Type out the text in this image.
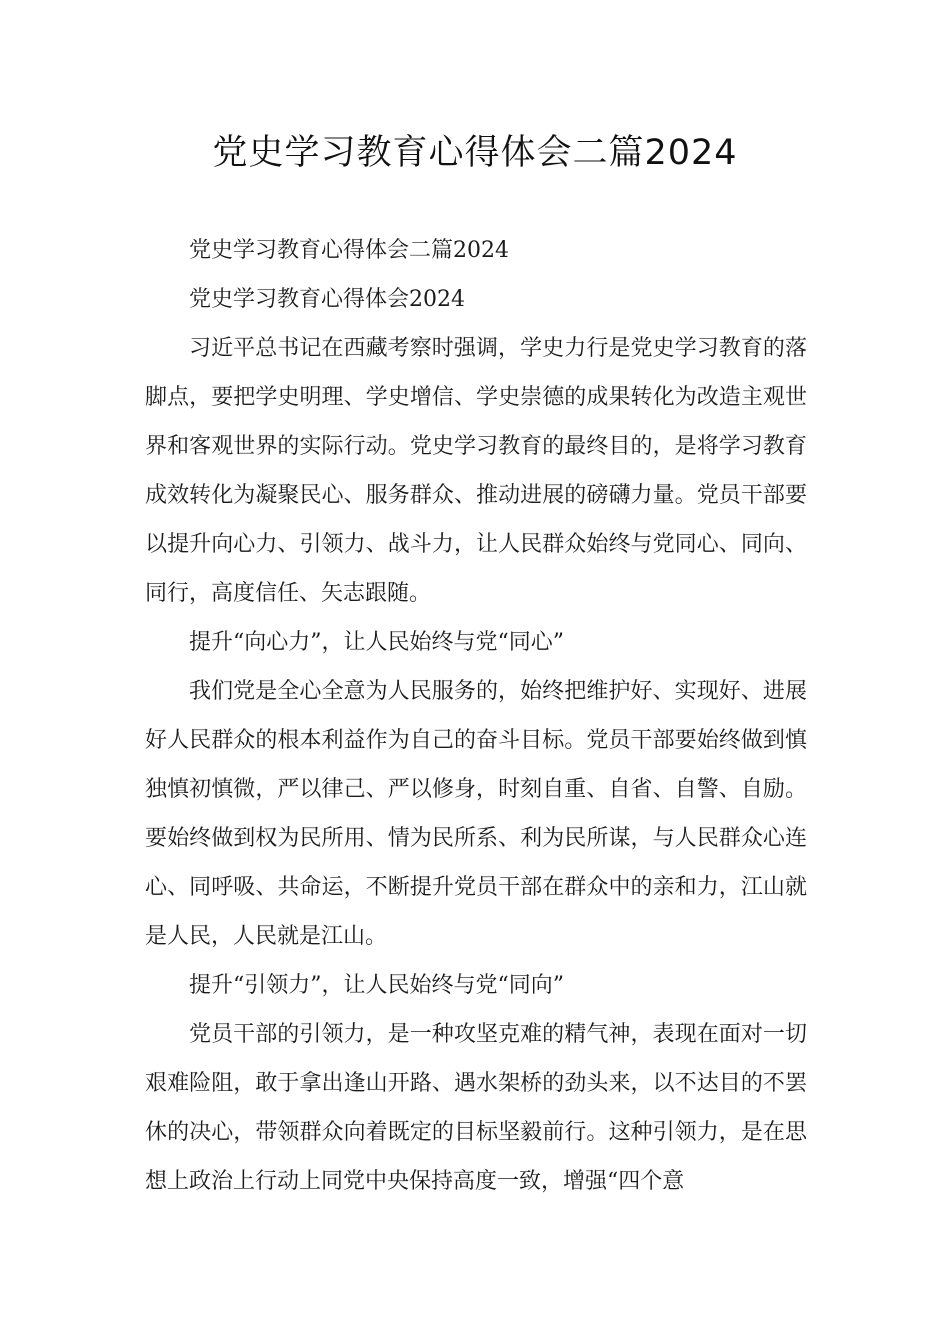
党史学习教育心得体会二篇2024

党史学习教育心得体会二篇2024

党史学习教育心得体会2024

习近平总书记在西藏考察时强调，学史力行是党史学习教育的落脚点，要把学史明理、学史增信、学史崇德的成果转化为改造主观世界和客观世界的实际行动。党史学习教育的最终目的，是将学习教育成效转化为凝聚民心、服务群众、推动进展的磅礴力量。党员干部要以提升向心力、引领力、战斗力，让人民群众始终与党同心、同向、同行，高度信任、矢志跟随。

提升“向心力”，让人民始终与党“同心”

我们党是全心全意为人民服务的，始终把维护好、实现好、进展好人民群众的根本利益作为自己的奋斗目标。党员干部要始终做到慎独慎初慎微，严以律己、严以修身，时刻自重、自省、自警、自励。要始终做到权为民所用、情为民所系、利为民所谋，与人民群众心连心、同呼吸、共命运，不断提升党员干部在群众中的亲和力，江山就是人民，人民就是江山。

提升“引领力”，让人民始终与党“同向”

党员干部的引领力，是一种攻坚克难的精气神，表现在面对一切艰难险阻，敢于拿出逢山开路、遇水架桥的劲头来，以不达目的不罢休的决心，带领群众向着既定的目标坚毅前行。这种引领力，是在思想上政治上行动上同党中央保持高度一致，增强“四个意
